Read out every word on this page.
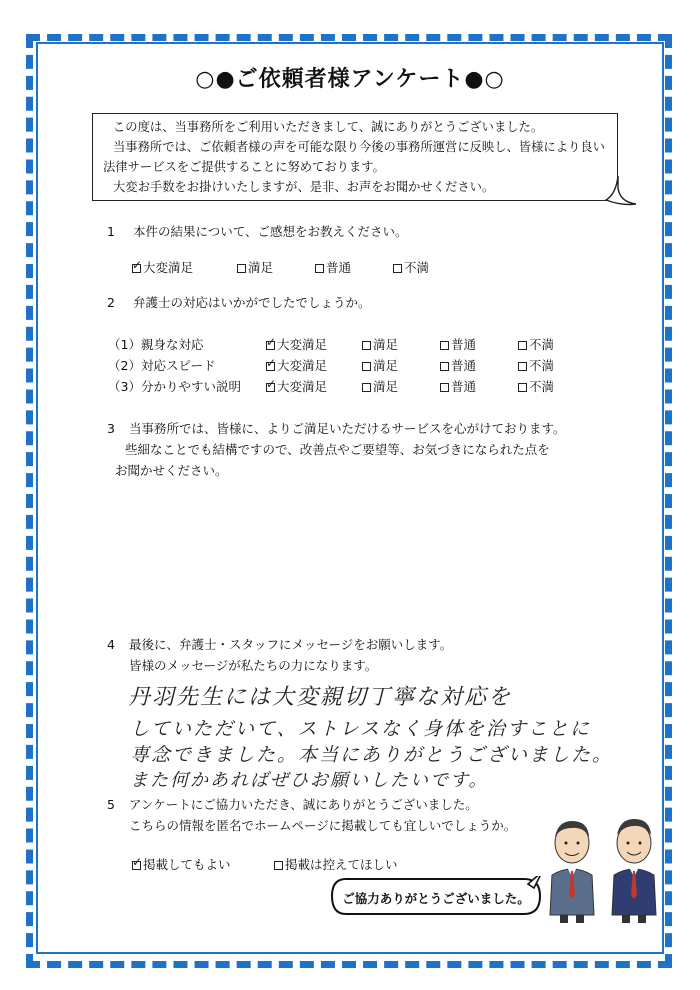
○●ご依頼者様アンケート●○

この度は、当事務所をご利用いただきまして、誠にありがとうございました。

当事務所では、ご依頼者様の声を可能な限り今後の事務所運営に反映し、皆様により良い

法律サービスをご提供することに努めております。

大変お手数をお掛けいたしますが、是非、お声をお聞かせください。

1 本件の結果について、ご感想をお教えください。
✓大変満足	満足	普通	不満
2 弁護士の対応はいかがでしたでしょうか。
（1）親身な対応 ✓	大変満足	満足	普通	不満
（2）対応スピード ✓	大変満足	満足	普通	不満
（3）分かりやすい説明 ✓	大変満足	満足	普通	不満
3 当事務所では、皆様に、よりご満足いただけるサービスを心がけております。
些細なことでも結構ですので、改善点やご要望等、お気づきになられた点を
お聞かせください。
4 最後に、弁護士・スタッフにメッセージをお願いします。
皆様のメッセージが私たちの力になります。
丹羽先生には大変親切丁寧な対応を
していただいて、ストレスなく身体を治すことに
専念できました。本当にありがとうございました。
また何かあればぜひお願いしたいです。
5 アンケートにご協力いただき、誠にありがとうございました。
こちらの情報を匿名でホームページに掲載しても宜しいでしょうか。
✓掲載してもよい	掲載は控えてほしい
ご協力ありがとうございました。
